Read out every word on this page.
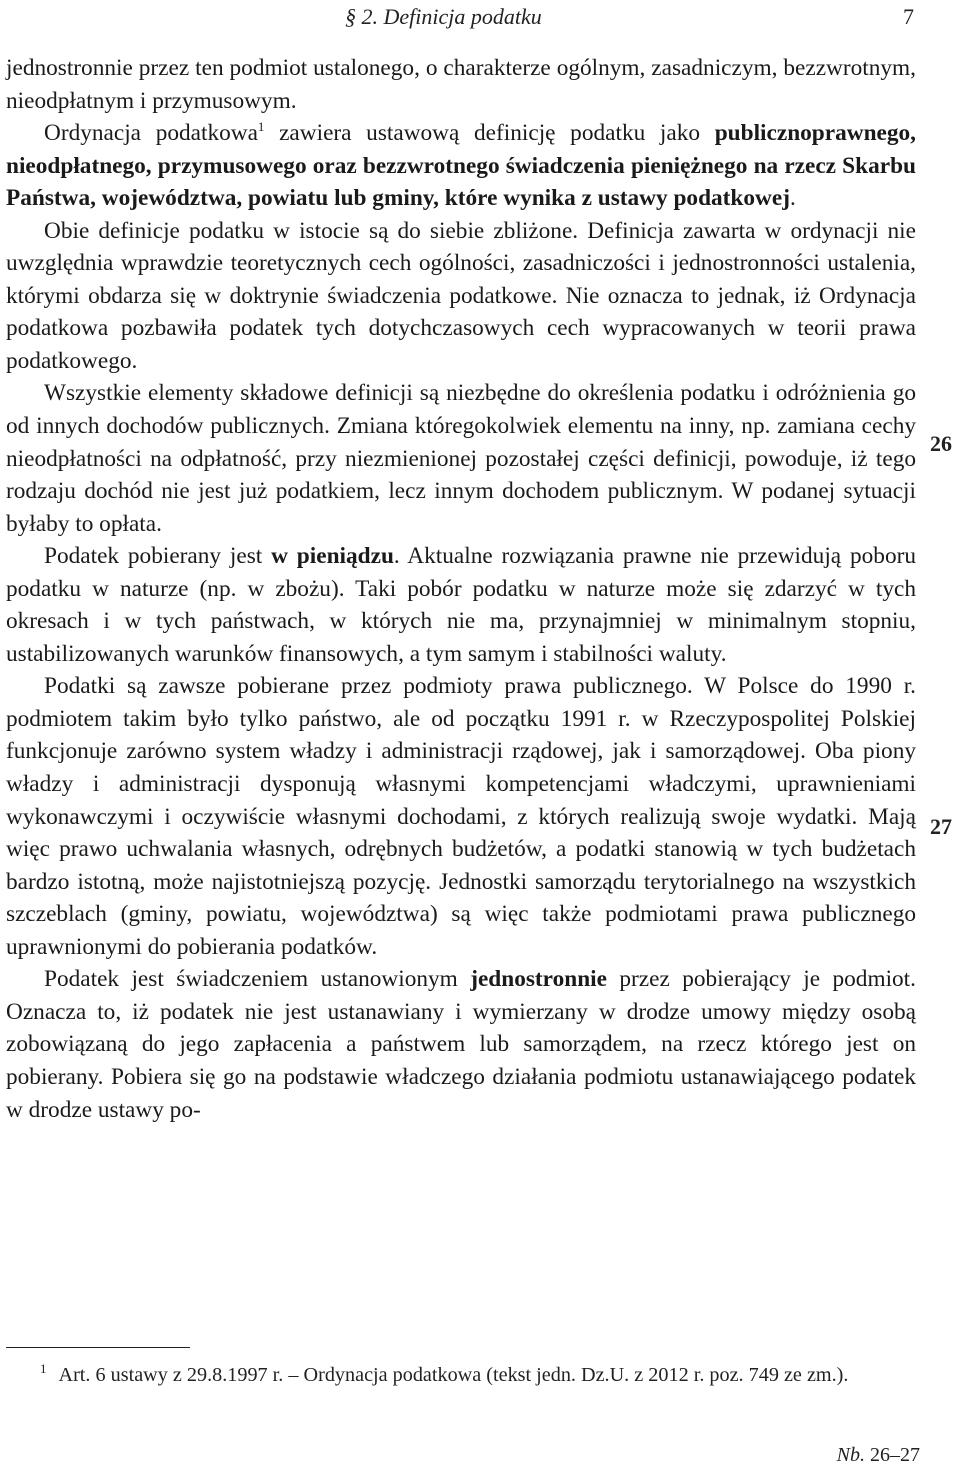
§ 2. Definicja podatku	7

jednostronnie przez ten podmiot ustalonego, o charakterze ogólnym, zasadniczym, bezzwrotnym, nieodpłatnym i przymusowym.

Ordynacja podatkowa$^1$ zawiera ustawową definicję podatku jako publicznoprawnego, nieodpłatnego, przymusowego oraz bezzwrotnego świadczenia pieniężnego na rzecz Skarbu Państwa, województwa, powiatu lub gminy, które wynika z ustawy podatkowej.

Obie definicje podatku w istocie są do siebie zbliżone. Definicja zawarta w ordynacji nie uwzględnia wprawdzie teoretycznych cech ogólności, zasadniczości i jednostronności ustalenia, którymi obdarza się w doktrynie świadczenia podatkowe. Nie oznacza to jednak, iż Ordynacja podatkowa pozbawiła podatek tych dotychczasowych cech wypracowanych w teorii prawa podatkowego.

Wszystkie elementy składowe definicji są niezbędne do określenia podatku i odróżnienia go od innych dochodów publicznych. Zmiana któregokolwiek elementu na inny, np. zamiana cechy nieodpłatności na odpłatność, przy niezmienionej pozostałej części definicji, powoduje, iż tego rodzaju dochód nie jest już podatkiem, lecz innym dochodem publicznym. W podanej sytuacji byłaby to opłata.

Podatek pobierany jest w pieniądzu. Aktualne rozwiązania prawne nie przewidują poboru podatku w naturze (np. w zbożu). Taki pobór podatku w naturze może się zdarzyć w tych okresach i w tych państwach, w których nie ma, przynajmniej w minimalnym stopniu, ustabilizowanych warunków finansowych, a tym samym i stabilności waluty.

Podatki są zawsze pobierane przez podmioty prawa publicznego. W Polsce do 1990 r. podmiotem takim było tylko państwo, ale od początku 1991 r. w Rzeczypospolitej Polskiej funkcjonuje zarówno system władzy i administracji rządowej, jak i samorządowej. Oba piony władzy i administracji dysponują własnymi kompetencjami władczymi, uprawnieniami wykonawczymi i oczywiście własnymi dochodami, z których realizują swoje wydatki. Mają więc prawo uchwalania własnych, odrębnych budżetów, a podatki stanowią w tych budżetach bardzo istotną, może najistotniejszą pozycję. Jednostki samorządu terytorialnego na wszystkich szczeblach (gminy, powiatu, województwa) są więc także podmiotami prawa publicznego uprawnionymi do pobierania podatków.

Podatek jest świadczeniem ustanowionym jednostronnie przez pobierający je podmiot. Oznacza to, iż podatek nie jest ustanawiany i wymierzany w drodze umowy między osobą zobowiązaną do jego zapłacenia a państwem lub samorządem, na rzecz którego jest on pobierany. Pobiera się go na podstawie władczego działania podmiotu ustanawiającego podatek w drodze ustawy po-

26
27
$^1$ Art. 6 ustawy z 29.8.1997 r. – Ordynacja podatkowa (tekst jedn. Dz.U. z 2012 r. poz. 749 ze zm.).
Nb. 26–27
